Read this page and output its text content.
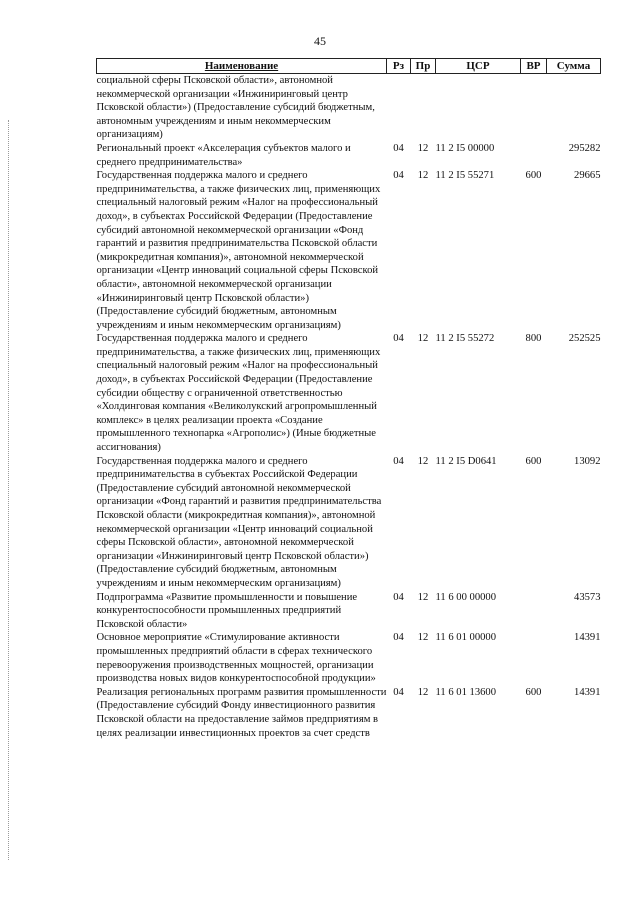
45
Наименование	Рз	Пр	ЦСР	ВР	Сумма
социальной сферы Псковской области», автономной некоммерческой организации «Инжиниринговый центр Псковской области») (Предоставление субсидий бюджетным, автономным учреждениям и иным некоммерческим организациям)					
Региональный проект «Акселерация субъектов малого и среднего предпринимательства»	04	12	11 2 I5 00000		295282
Государственная поддержка малого и среднего предпринимательства, а также физических лиц, применяющих специальный налоговый режим «Налог на профессиональный доход», в субъектах Российской Федерации (Предоставление субсидий автономной некоммерческой организации «Фонд гарантий и развития предпринимательства Псковской области (микрокредитная компания)», автономной некоммерческой организации «Центр инноваций социальной сферы Псковской области», автономной некоммерческой организации «Инжиниринговый центр Псковской области») (Предоставление субсидий бюджетным, автономным учреждениям и иным некоммерческим организациям)	04	12	11 2 I5 55271	600	29665
Государственная поддержка малого и среднего предпринимательства, а также физических лиц, применяющих специальный налоговый режим «Налог на профессиональный доход», в субъектах Российской Федерации (Предоставление субсидии обществу с ограниченной ответственностью «Холдинговая компания «Великолукский агропромышленный комплекс» в целях реализации проекта «Создание промышленного технопарка «Агрополис») (Иные бюджетные ассигнования)	04	12	11 2 I5 55272	800	252525
Государственная поддержка малого и среднего предпринимательства в субъектах Российской Федерации (Предоставление субсидий автономной некоммерческой организации «Фонд гарантий и развития предпринимательства Псковской области (микрокредитная компания)», автономной некоммерческой организации «Центр инноваций социальной сферы Псковской области», автономной некоммерческой организации «Инжиниринговый центр Псковской области») (Предоставление субсидий бюджетным, автономным учреждениям и иным некоммерческим организациям)	04	12	11 2 I5 D0641	600	13092
Подпрограмма «Развитие промышленности и повышение конкурентоспособности промышленных предприятий Псковской области»	04	12	11 6 00 00000		43573
Основное мероприятие «Стимулирование активности промышленных предприятий области в сферах технического перевооружения производственных мощностей, организации производства новых видов конкурентоспособной продукции»	04	12	11 6 01 00000		14391
Реализация региональных программ развития промышленности (Предоставление субсидий Фонду инвестиционного развития Псковской области на предоставление займов предприятиям в целях реализации инвестиционных проектов за счет средств	04	12	11 6 01 13600	600	14391
